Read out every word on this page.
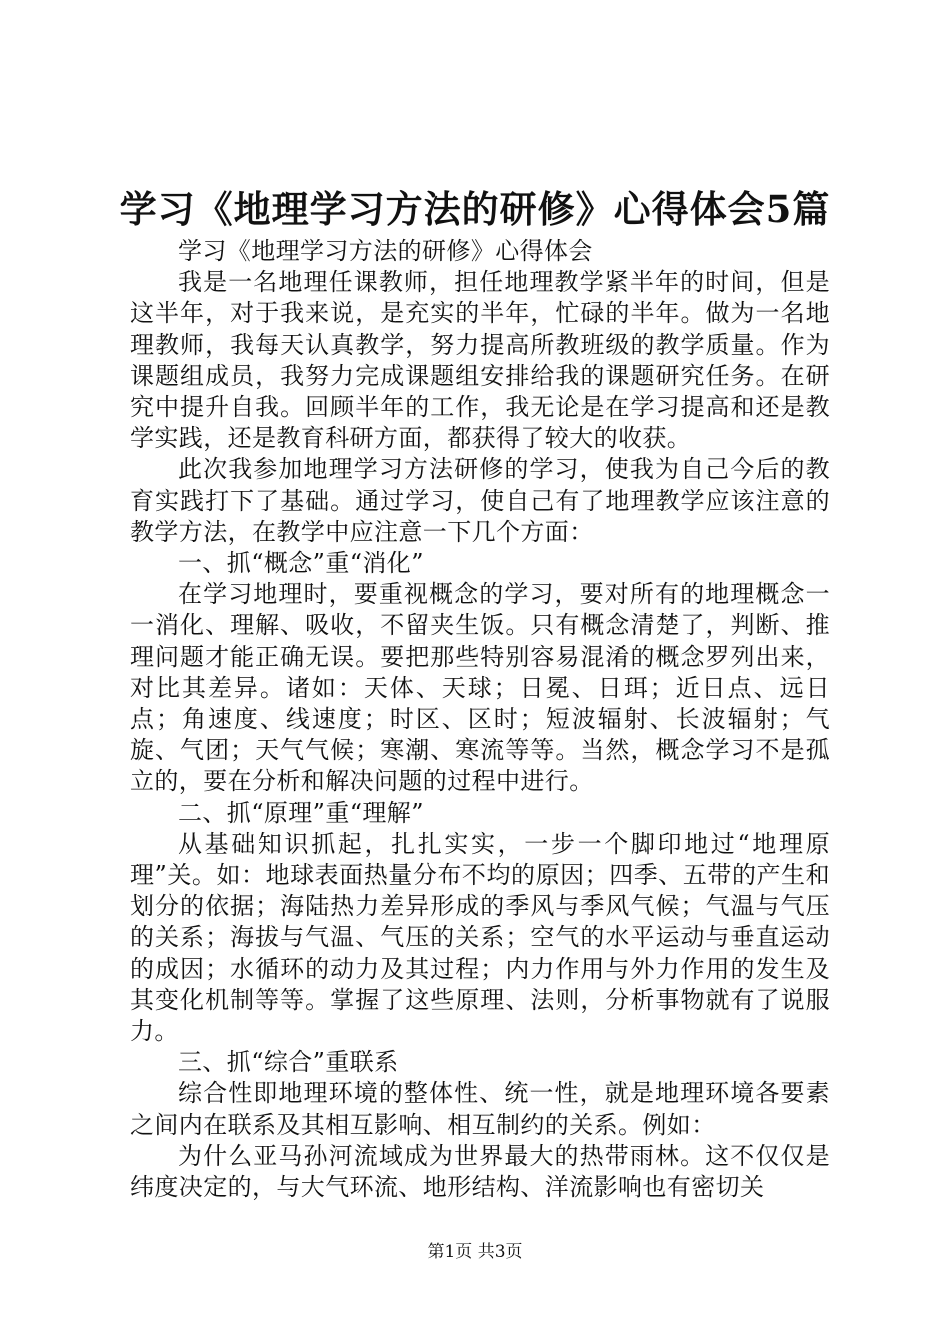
学习《地理学习方法的研修》心得体会5篇

学习《地理学习方法的研修》心得体会

我是一名地理任课教师，担任地理教学紧半年的时间，但是这半年，对于我来说，是充实的半年，忙碌的半年。做为一名地理教师，我每天认真教学，努力提高所教班级的教学质量。作为课题组成员，我努力完成课题组安排给我的课题研究任务。在研究中提升自我。回顾半年的工作，我无论是在学习提高和还是教学实践，还是教育科研方面，都获得了较大的收获。

此次我参加地理学习方法研修的学习，使我为自己今后的教育实践打下了基础。通过学习，使自己有了地理教学应该注意的教学方法，在教学中应注意一下几个方面：

一、抓“概念”重“消化”

在学习地理时，要重视概念的学习，要对所有的地理概念一一消化、理解、吸收，不留夹生饭。只有概念清楚了，判断、推理问题才能正确无误。要把那些特别容易混淆的概念罗列出来，对比其差异。诸如：天体、天球；日冕、日珥；近日点、远日点；角速度、线速度；时区、区时；短波辐射、长波辐射；气旋、气团；天气气候；寒潮、寒流等等。当然，概念学习不是孤立的，要在分析和解决问题的过程中进行。

二、抓“原理”重“理解”

从基础知识抓起，扎扎实实，一步一个脚印地过“地理原理”关。如：地球表面热量分布不均的原因；四季、五带的产生和划分的依据；海陆热力差异形成的季风与季风气候；气温与气压的关系；海拔与气温、气压的关系；空气的水平运动与垂直运动的成因；水循环的动力及其过程；内力作用与外力作用的发生及其变化机制等等。掌握了这些原理、法则，分析事物就有了说服力。

三、抓“综合”重联系

综合性即地理环境的整体性、统一性，就是地理环境各要素之间内在联系及其相互影响、相互制约的关系。例如：

为什么亚马孙河流域成为世界最大的热带雨林。这不仅仅是纬度决定的，与大气环流、地形结构、洋流影响也有密切关

第1页 共3页
